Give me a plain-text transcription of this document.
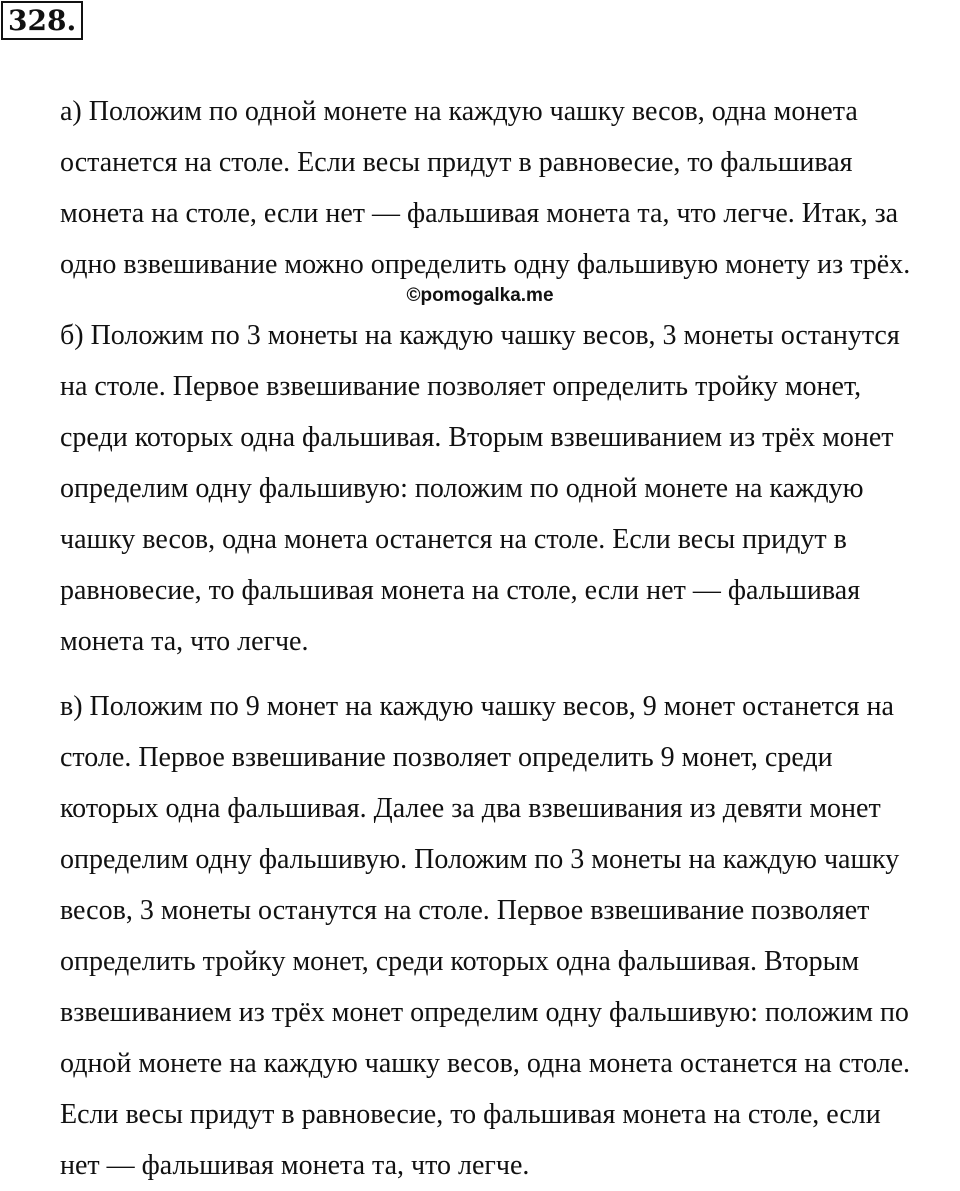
328.
©pomogalka.me

а) Положим по одной монете на каждую чашку весов, одна монета
останется на столе. Если весы придут в равновесие, то фальшивая
монета на столе, если нет — фальшивая монета та, что легче. Итак, за
одно взвешивание можно определить одну фальшивую монету из трёх.

б) Положим по 3 монеты на каждую чашку весов, 3 монеты останутся
на столе. Первое взвешивание позволяет определить тройку монет,
среди которых одна фальшивая. Вторым взвешиванием из трёх монет
определим одну фальшивую: положим по одной монете на каждую
чашку весов, одна монета останется на столе. Если весы придут в
равновесие, то фальшивая монета на столе, если нет — фальшивая
монета та, что легче.

в) Положим по 9 монет на каждую чашку весов, 9 монет останется на
столе. Первое взвешивание позволяет определить 9 монет, среди
которых одна фальшивая. Далее за два взвешивания из девяти монет
определим одну фальшивую. Положим по 3 монеты на каждую чашку
весов, 3 монеты останутся на столе. Первое взвешивание позволяет
определить тройку монет, среди которых одна фальшивая. Вторым
взвешиванием из трёх монет определим одну фальшивую: положим по
одной монете на каждую чашку весов, одна монета останется на столе.
Если весы придут в равновесие, то фальшивая монета на столе, если
нет — фальшивая монета та, что легче.
